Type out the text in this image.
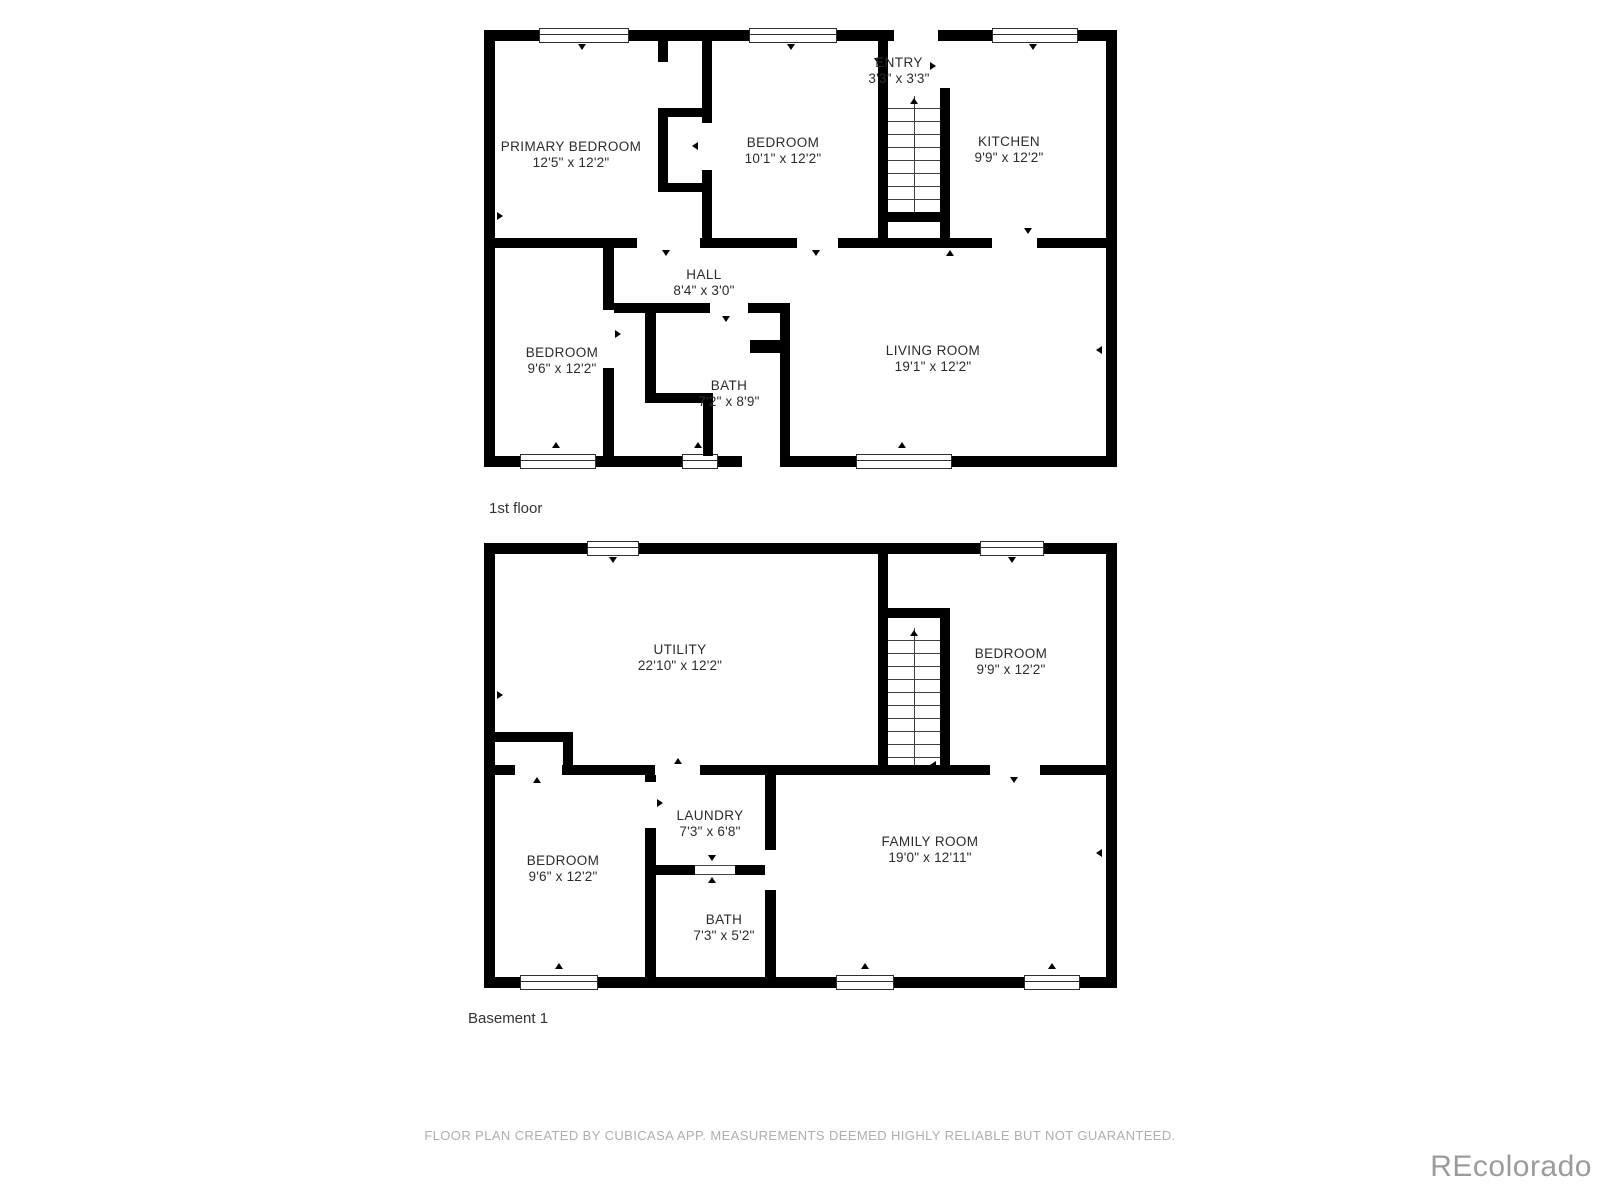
PRIMARY BEDROOM
12'5" x 12'2"
BEDROOM
10'1" x 12'2"
ENTRY
3'3" x 3'3"
KITCHEN
9'9" x 12'2"
HALL
8'4" x 3'0"
BEDROOM
9'6" x 12'2"
BATH
7'2" x 8'9"
LIVING ROOM
19'1" x 12'2"
1st floor
UTILITY
22'10" x 12'2"
BEDROOM
9'9" x 12'2"
LAUNDRY
7'3" x 6'8"
BEDROOM
9'6" x 12'2"
FAMILY ROOM
19'0" x 12'11"
BATH
7'3" x 5'2"
Basement 1
FLOOR PLAN CREATED BY CUBICASA APP. MEASUREMENTS DEEMED HIGHLY RELIABLE BUT NOT GUARANTEED.
REcolorado
